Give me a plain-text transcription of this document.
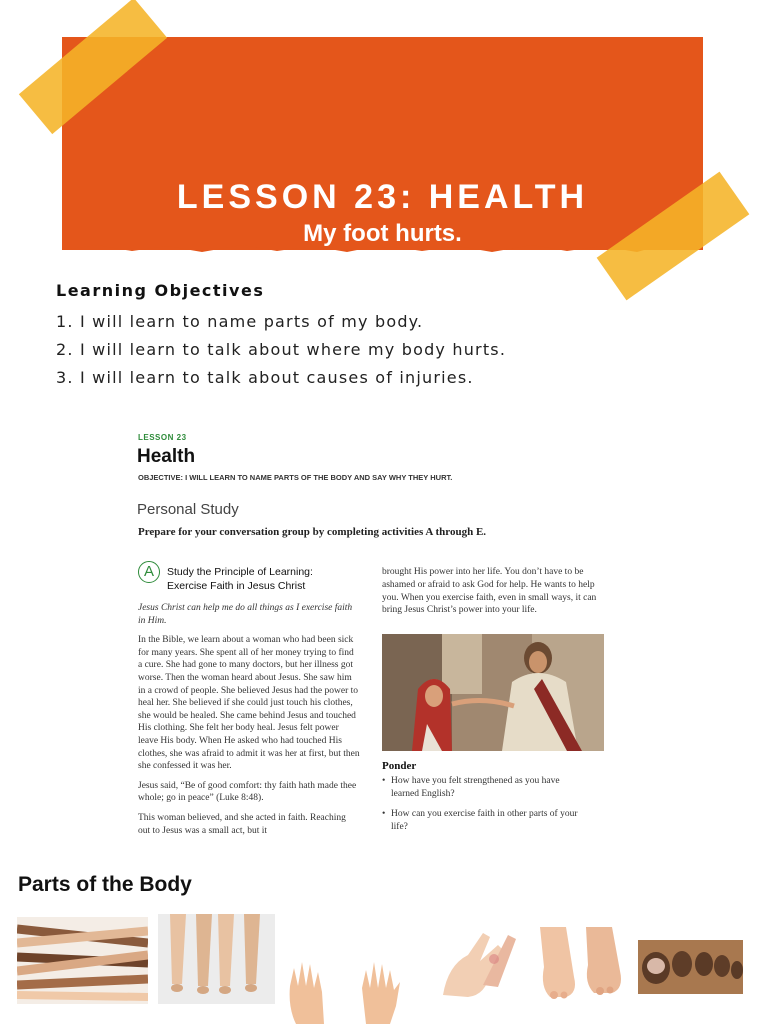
LESSON 23: HEALTH
My foot hurts.
Learning Objectives
1. I will learn to name parts of my body.
2. I will learn to talk about where my body hurts.
3. I will learn to talk about causes of injuries.
LESSON 23
Health
OBJECTIVE: I WILL LEARN TO NAME PARTS OF THE BODY AND SAY WHY THEY HURT.
Personal Study
Prepare for your conversation group by completing activities A through E.
A	Study the Principle of Learning: Exercise Faith in Jesus Christ

Jesus Christ can help me do all things as I exercise faith in Him.

In the Bible, we learn about a woman who had been sick for many years. She spent all of her money trying to find a cure. She had gone to many doctors, but her illness got worse. Then the woman heard about Jesus. She saw him in a crowd of people. She believed Jesus had the power to heal her. She believed if she could just touch his clothes, she would be healed. She came behind Jesus and touched His clothing. She felt her body heal. Jesus felt power leave His body. When He asked who had touched His clothes, she was afraid to admit it was her at first, but then she confessed it was her.

Jesus said, “Be of good comfort: thy faith hath made thee whole; go in peace” (Luke 8:48).

This woman believed, and she acted in faith. Reaching out to Jesus was a small act, but it

brought His power into her life. You don’t have to be ashamed or afraid to ask God for help. He wants to help you. When you exercise faith, even in small ways, it can bring Jesus Christ’s power into your life.
Ponder
• How have you felt strengthened as you have learned English?
• How can you exercise faith in other parts of your life?
Parts of the Body
